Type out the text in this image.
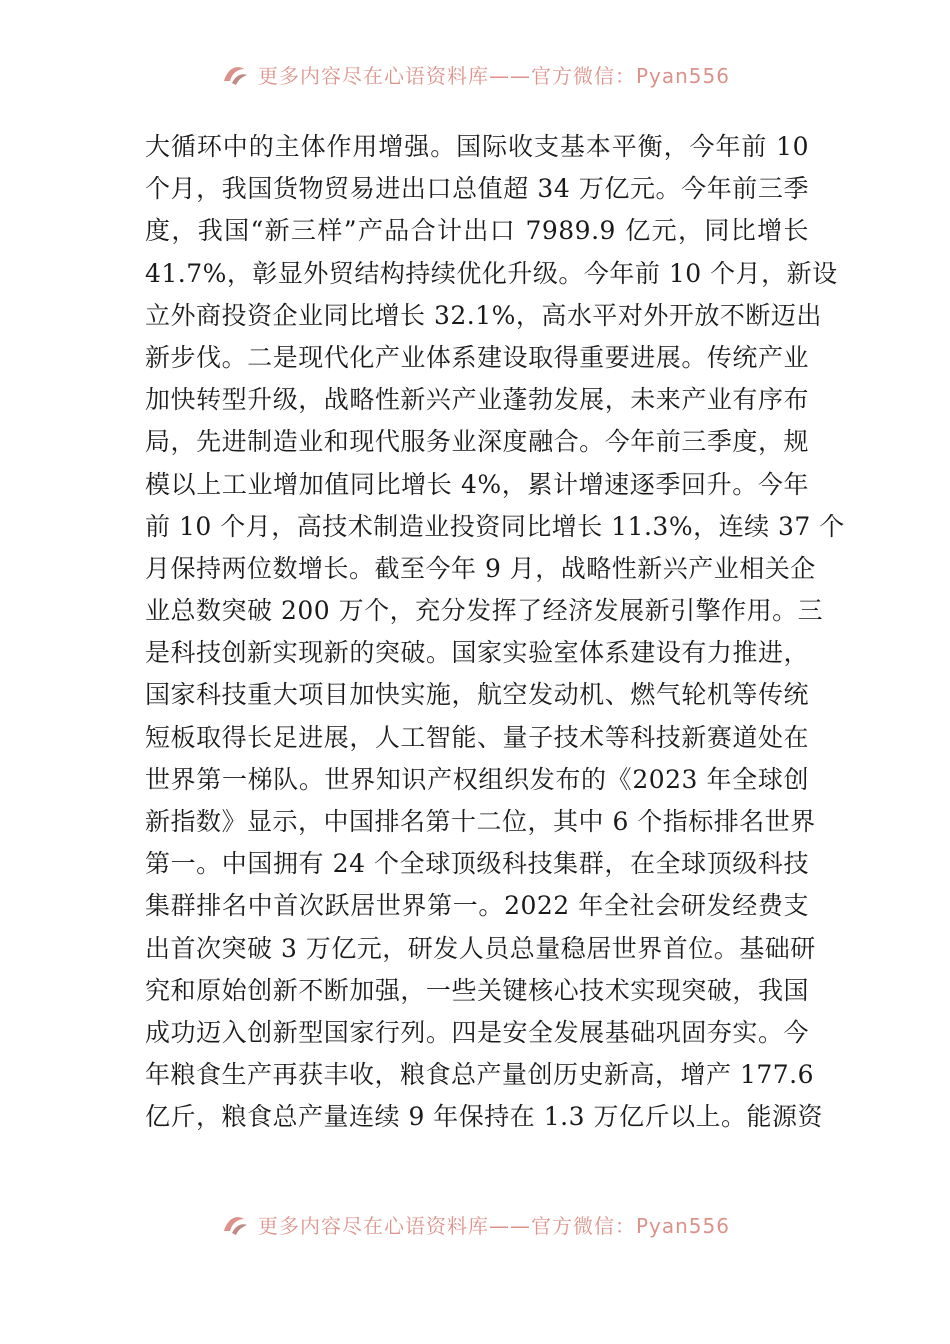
更多内容尽在心语资料库——官方微信：Pyan556
大循环中的主体作用增强。国际收支基本平衡，今年前 10
个月，我国货物贸易进出口总值超 34 万亿元。今年前三季
度，我国“新三样”产品合计出口 7989.9 亿元，同比增长
41.7%，彰显外贸结构持续优化升级。今年前 10 个月，新设
立外商投资企业同比增长 32.1%，高水平对外开放不断迈出
新步伐。二是现代化产业体系建设取得重要进展。传统产业
加快转型升级，战略性新兴产业蓬勃发展，未来产业有序布
局，先进制造业和现代服务业深度融合。今年前三季度，规
模以上工业增加值同比增长 4%，累计增速逐季回升。今年
前 10 个月，高技术制造业投资同比增长 11.3%，连续 37 个
月保持两位数增长。截至今年 9 月，战略性新兴产业相关企
业总数突破 200 万个，充分发挥了经济发展新引擎作用。三
是科技创新实现新的突破。国家实验室体系建设有力推进，
国家科技重大项目加快实施，航空发动机、燃气轮机等传统
短板取得长足进展，人工智能、量子技术等科技新赛道处在
世界第一梯队。世界知识产权组织发布的《2023 年全球创
新指数》显示，中国排名第十二位，其中 6 个指标排名世界
第一。中国拥有 24 个全球顶级科技集群，在全球顶级科技
集群排名中首次跃居世界第一。2022 年全社会研发经费支
出首次突破 3 万亿元，研发人员总量稳居世界首位。基础研
究和原始创新不断加强，一些关键核心技术实现突破，我国
成功迈入创新型国家行列。四是安全发展基础巩固夯实。今
年粮食生产再获丰收，粮食总产量创历史新高，增产 177.6
亿斤，粮食总产量连续 9 年保持在 1.3 万亿斤以上。能源资
更多内容尽在心语资料库——官方微信：Pyan556
